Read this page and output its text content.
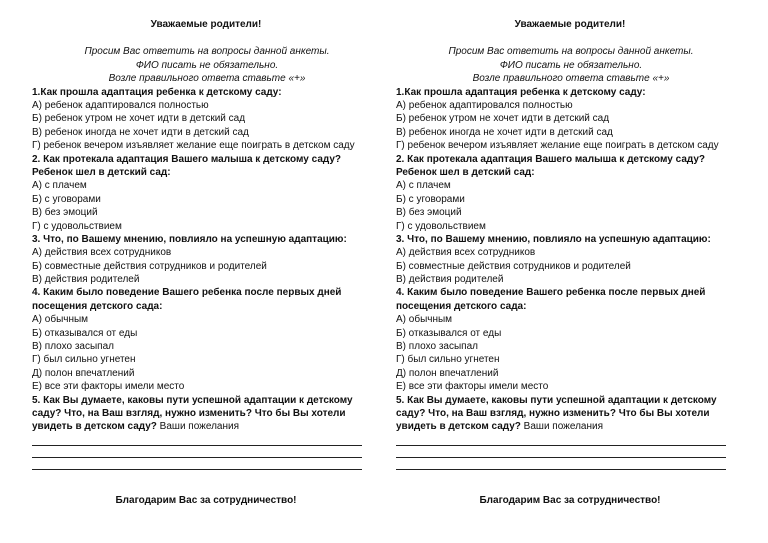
Уважаемые родители!
Просим Вас ответить на вопросы данной анкеты.
ФИО писать не обязательно.
Возле правильного ответа ставьте «+»
1.Как прошла адаптация ребенка к детскому саду:
А) ребенок адаптировался полностью
Б) ребенок утром не хочет идти в детский сад
В) ребенок иногда не хочет идти в детский сад
Г) ребенок вечером изъявляет желание еще поиграть в детском саду
2. Как протекала адаптация Вашего малыша к детскому саду? Ребенок шел в детский сад:
А) с плачем
Б) с уговорами
В) без эмоций
Г) с удовольствием
3. Что, по Вашему мнению, повлияло на успешную адаптацию:
А) действия всех сотрудников
Б) совместные действия сотрудников и родителей
В) действия родителей
4. Каким было поведение Вашего ребенка после первых дней посещения детского сада:
А) обычным
Б) отказывался от еды
В) плохо засыпал
Г) был сильно угнетен
Д) полон впечатлений
Е) все эти факторы имели место
5. Как Вы думаете, каковы пути успешной адаптации к детскому саду? Что, на Ваш взгляд, нужно изменить? Что бы Вы хотели увидеть в детском саду? Ваши пожелания
Благодарим Вас за сотрудничество!
Уважаемые родители!
Просим Вас ответить на вопросы данной анкеты.
ФИО писать не обязательно.
Возле правильного ответа ставьте «+»
1.Как прошла адаптация ребенка к детскому саду:
А) ребенок адаптировался полностью
Б) ребенок утром не хочет идти в детский сад
В) ребенок иногда не хочет идти в детский сад
Г) ребенок вечером изъявляет желание еще поиграть в детском саду
2. Как протекала адаптация Вашего малыша к детскому саду? Ребенок шел в детский сад:
А) с плачем
Б) с уговорами
В) без эмоций
Г) с удовольствием
3. Что, по Вашему мнению, повлияло на успешную адаптацию:
А) действия всех сотрудников
Б) совместные действия сотрудников и родителей
В) действия родителей
4. Каким было поведение Вашего ребенка после первых дней посещения детского сада:
А) обычным
Б) отказывался от еды
В) плохо засыпал
Г) был сильно угнетен
Д) полон впечатлений
Е) все эти факторы имели место
5. Как Вы думаете, каковы пути успешной адаптации к детскому саду? Что, на Ваш взгляд, нужно изменить? Что бы Вы хотели увидеть в детском саду? Ваши пожелания
Благодарим Вас за сотрудничество!
